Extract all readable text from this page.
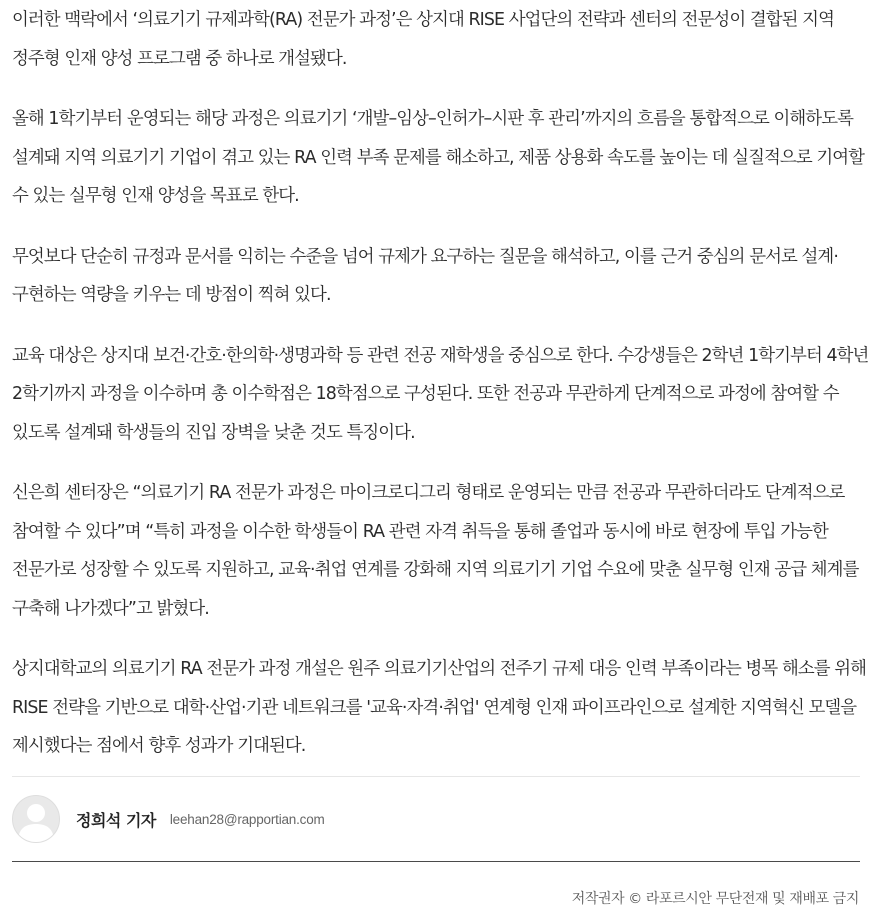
이러한 맥락에서 ‘의료기기 규제과학(RA) 전문가 과정’은 상지대 RISE 사업단의 전략과 센터의 전문성이 결합된 지역 정주형 인재 양성 프로그램 중 하나로 개설됐다.

올해 1학기부터 운영되는 해당 과정은 의료기기 ‘개발–임상–인허가–시판 후 관리’까지의 흐름을 통합적으로 이해하도록 설계돼 지역 의료기기 기업이 겪고 있는 RA 인력 부족 문제를 해소하고, 제품 상용화 속도를 높이는 데 실질적으로 기여할 수 있는 실무형 인재 양성을 목표로 한다.

무엇보다 단순히 규정과 문서를 익히는 수준을 넘어 규제가 요구하는 질문을 해석하고, 이를 근거 중심의 문서로 설계·구현하는 역량을 키우는 데 방점이 찍혀 있다.

교육 대상은 상지대 보건·간호·한의학·생명과학 등 관련 전공 재학생을 중심으로 한다. 수강생들은 2학년 1학기부터 4학년 2학기까지 과정을 이수하며 총 이수학점은 18학점으로 구성된다. 또한 전공과 무관하게 단계적으로 과정에 참여할 수 있도록 설계돼 학생들의 진입 장벽을 낮춘 것도 특징이다.

신은희 센터장은 “의료기기 RA 전문가 과정은 마이크로디그리 형태로 운영되는 만큼 전공과 무관하더라도 단계적으로 참여할 수 있다”며 “특히 과정을 이수한 학생들이 RA 관련 자격 취득을 통해 졸업과 동시에 바로 현장에 투입 가능한 전문가로 성장할 수 있도록 지원하고, 교육·취업 연계를 강화해 지역 의료기기 기업 수요에 맞춘 실무형 인재 공급 체계를 구축해 나가겠다”고 밝혔다.

상지대학교의 의료기기 RA 전문가 과정 개설은 원주 의료기기산업의 전주기 규제 대응 인력 부족이라는 병목 해소를 위해 RISE 전략을 기반으로 대학·산업·기관 네트워크를 '교육·자격·취업' 연계형 인재 파이프라인으로 설계한 지역혁신 모델을 제시했다는 점에서 향후 성과가 기대된다.

정희석 기자 leehan28@rapportian.com
저작권자 © 라포르시안 무단전재 및 재배포 금지
